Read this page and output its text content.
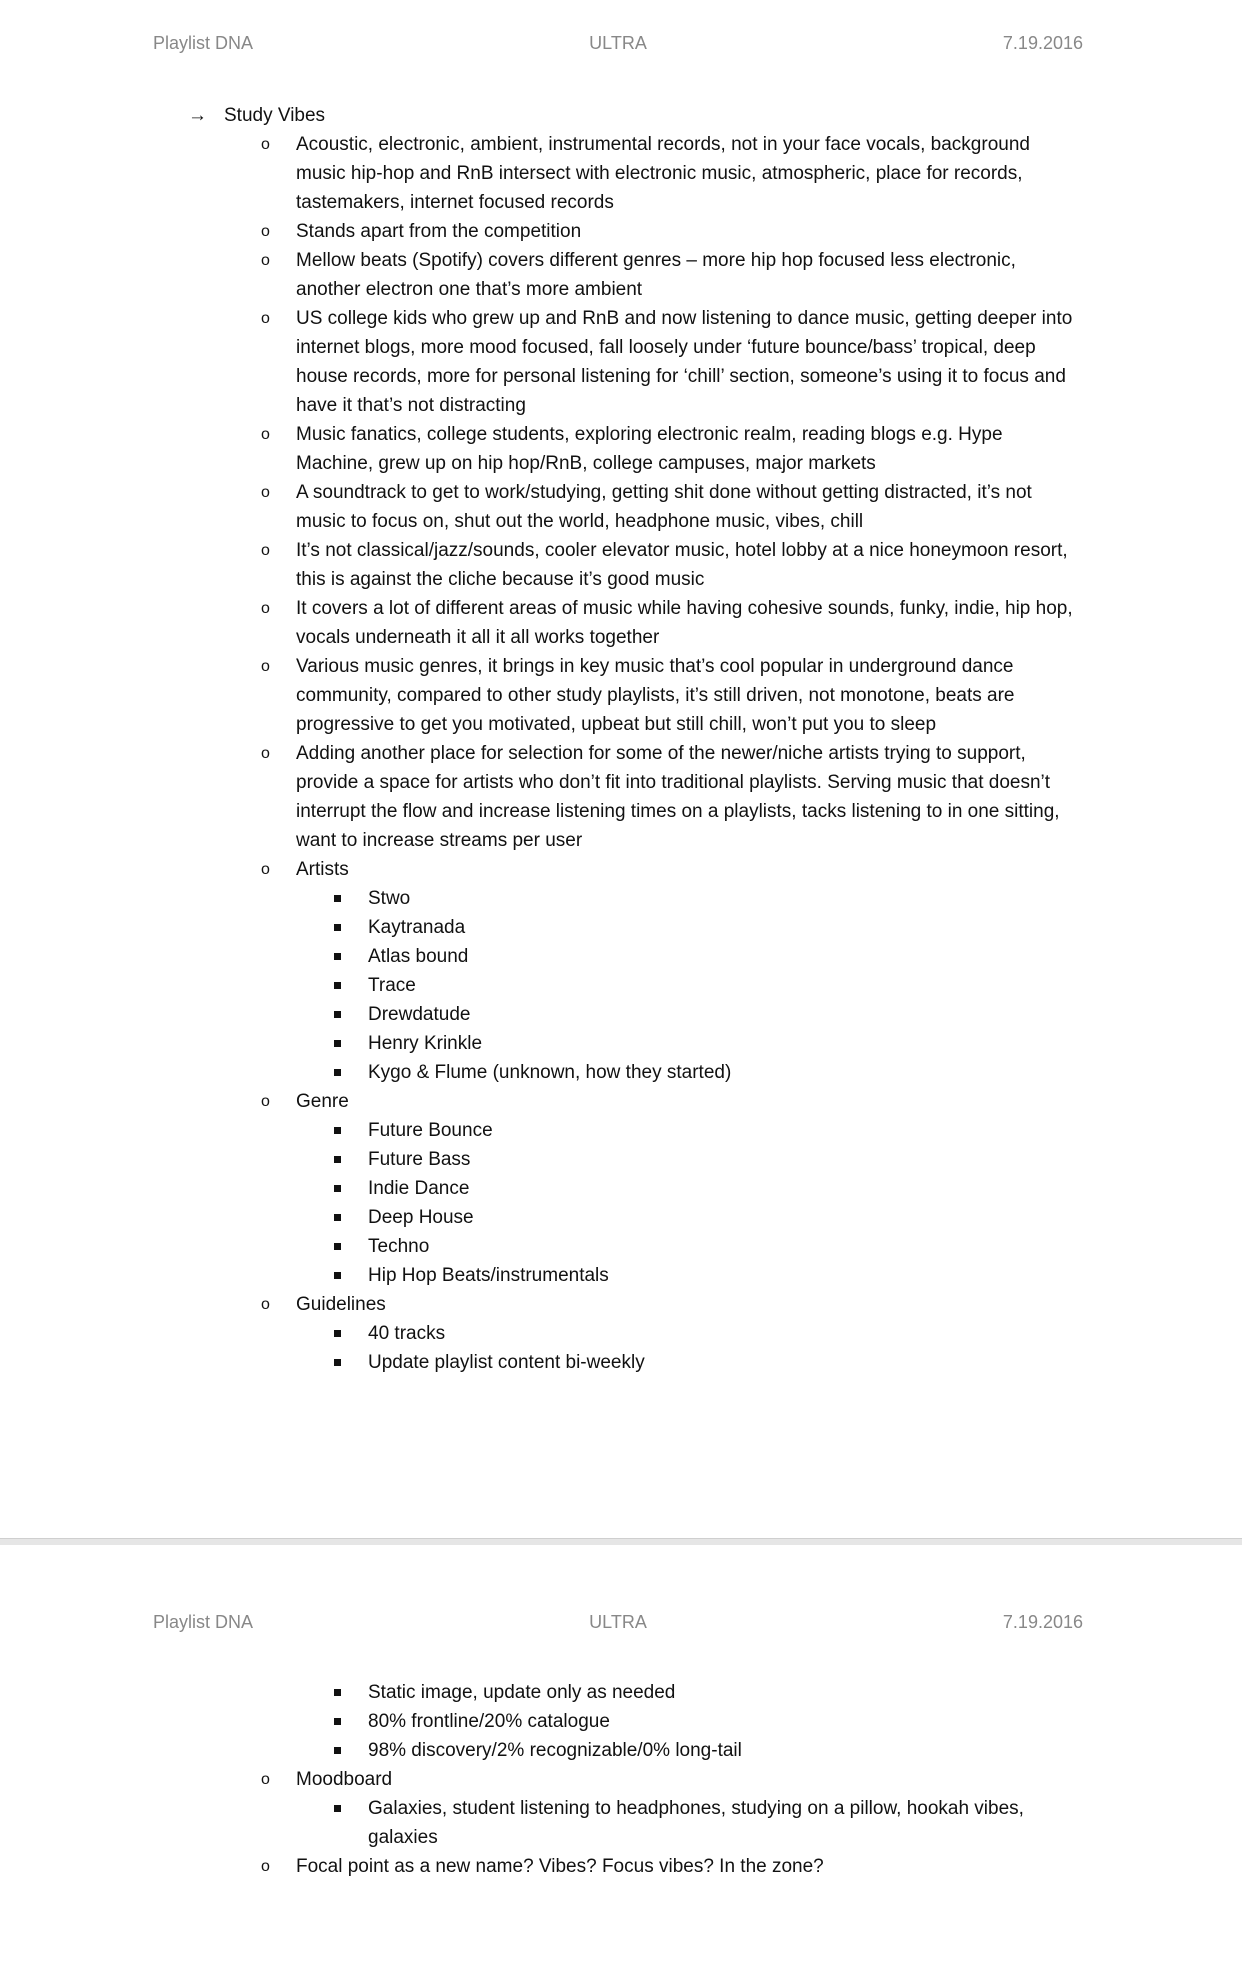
Playlist DNA	ULTRA	7.19.2016
→ Study Vibes
o Acoustic, electronic, ambient, instrumental records, not in your face vocals, background music hip-hop and RnB intersect with electronic music, atmospheric, place for records, tastemakers, internet focused records
o Stands apart from the competition
o Mellow beats (Spotify) covers different genres – more hip hop focused less electronic, another electron one that’s more ambient
o US college kids who grew up and RnB and now listening to dance music, getting deeper into internet blogs, more mood focused, fall loosely under ‘future bounce/bass’ tropical, deep house records, more for personal listening for ‘chill’ section, someone’s using it to focus and have it that’s not distracting
o Music fanatics, college students, exploring electronic realm, reading blogs e.g. Hype Machine, grew up on hip hop/RnB, college campuses, major markets
o A soundtrack to get to work/studying, getting shit done without getting distracted, it’s not music to focus on, shut out the world, headphone music, vibes, chill
o It’s not classical/jazz/sounds, cooler elevator music, hotel lobby at a nice honeymoon resort, this is against the cliche because it’s good music
o It covers a lot of different areas of music while having cohesive sounds, funky, indie, hip hop, vocals underneath it all it all works together
o Various music genres, it brings in key music that’s cool popular in underground dance community, compared to other study playlists, it’s still driven, not monotone, beats are progressive to get you motivated, upbeat but still chill, won’t put you to sleep
o Adding another place for selection for some of the newer/niche artists trying to support, provide a space for artists who don’t fit into traditional playlists. Serving music that doesn’t interrupt the flow and increase listening times on a playlists, tacks listening to in one sitting, want to increase streams per user
o Artists
Stwo
Kaytranada
Atlas bound
Trace
Drewdatude
Henry Krinkle
Kygo & Flume (unknown, how they started)
o Genre
Future Bounce
Future Bass
Indie Dance
Deep House
Techno
Hip Hop Beats/instrumentals
o Guidelines
40 tracks
Update playlist content bi-weekly
Playlist DNA	ULTRA	7.19.2016
Static image, update only as needed
80% frontline/20% catalogue
98% discovery/2% recognizable/0% long-tail
o Moodboard
Galaxies, student listening to headphones, studying on a pillow, hookah vibes, galaxies
o Focal point as a new name? Vibes? Focus vibes? In the zone?
